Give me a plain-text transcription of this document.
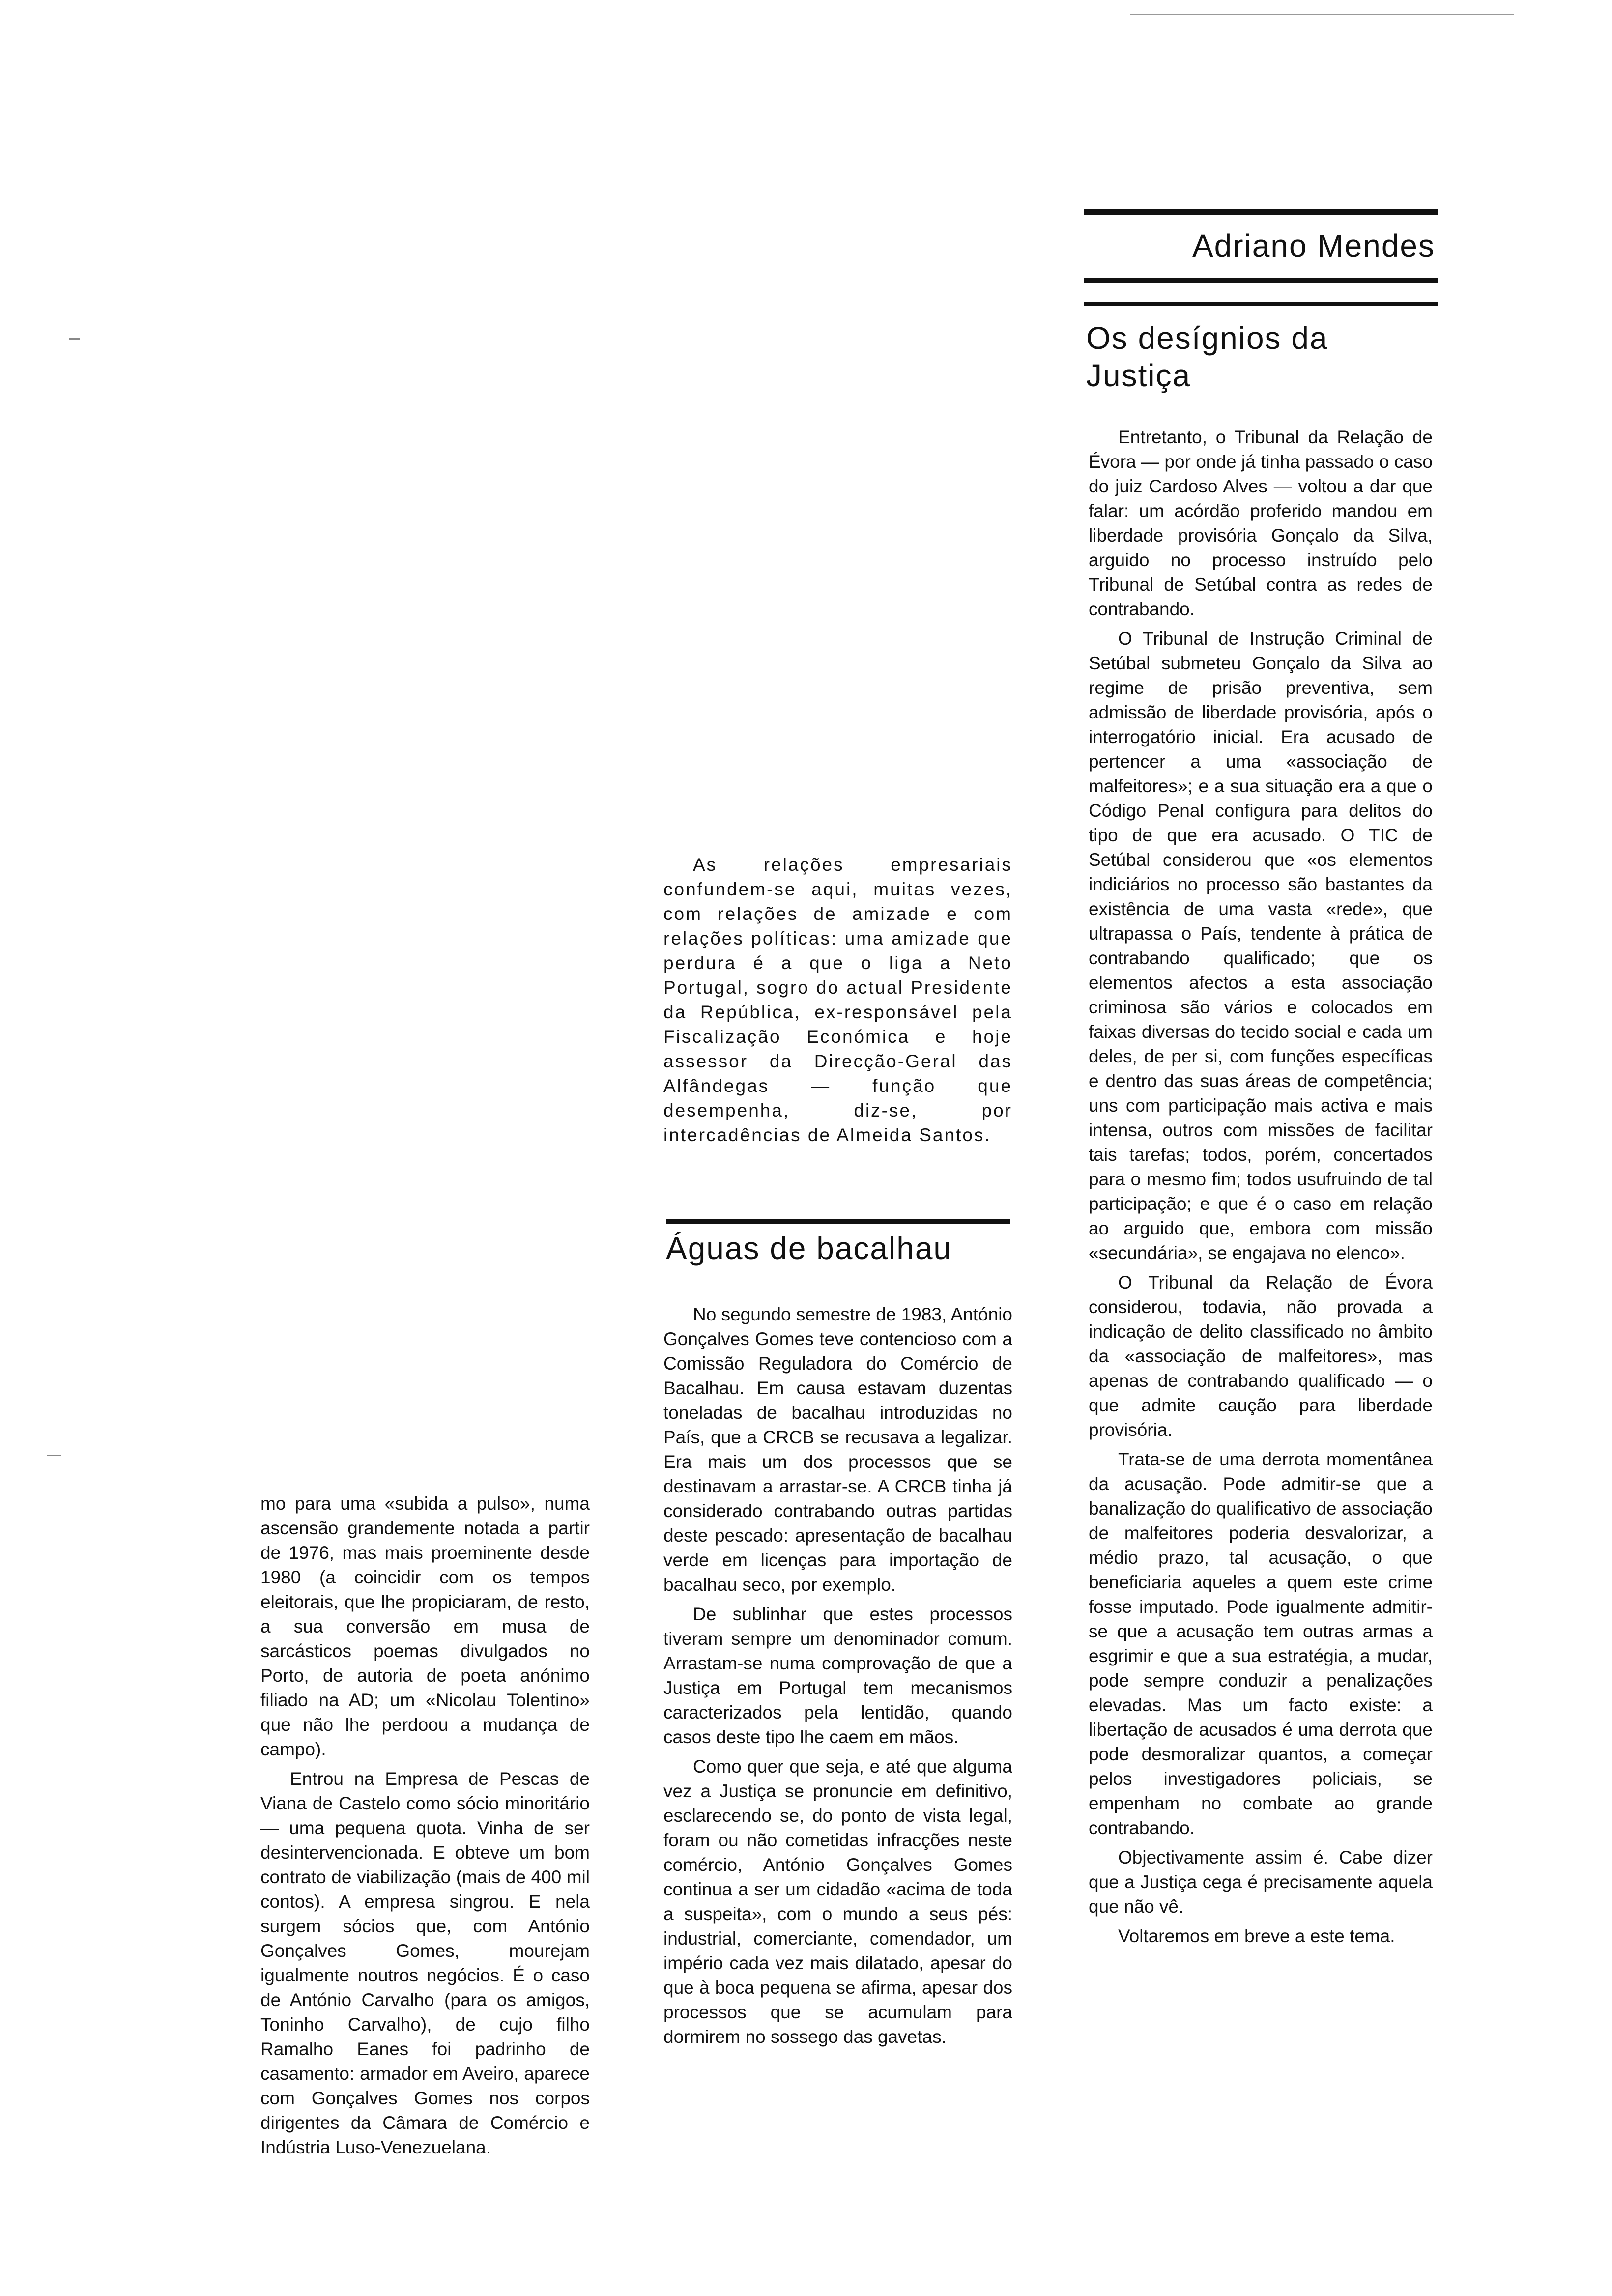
Adriano Mendes
Os desígnios da Justiça

mo para uma «subida a pulso», numa ascensão grandemente notada a partir de 1976, mas mais proeminente desde 1980 (a coincidir com os tempos eleitorais, que lhe propiciaram, de resto, a sua conversão em musa de sarcásticos poemas divulgados no Porto, de autoria de poeta anónimo filiado na AD; um «Nicolau Tolentino» que não lhe perdoou a mudança de campo).

Entrou na Empresa de Pescas de Viana de Castelo como sócio minoritário — uma pequena quota. Vinha de ser desintervencionada. E obteve um bom contrato de viabilização (mais de 400 mil contos). A empresa singrou. E nela surgem sócios que, com António Gonçalves Gomes, mourejam igualmente noutros negócios. É o caso de António Carvalho (para os amigos, Toninho Carvalho), de cujo filho Ramalho Eanes foi padrinho de casamento: armador em Aveiro, aparece com Gonçalves Gomes nos corpos dirigentes da Câmara de Comércio e Indústria Luso-Venezuelana.

As relações empresariais confundem-se aqui, muitas vezes, com relações de amizade e com relações políticas: uma amizade que perdura é a que o liga a Neto Portugal, sogro do actual Presidente da República, ex-responsável pela Fiscalização Económica e hoje assessor da Direcção-Geral das Alfândegas — função que desempenha, diz-se, por intercadências de Almeida Santos.

Águas de bacalhau

No segundo semestre de 1983, António Gonçalves Gomes teve contencioso com a Comissão Reguladora do Comércio de Bacalhau. Em causa estavam duzentas toneladas de bacalhau introduzidas no País, que a CRCB se recusava a legalizar. Era mais um dos processos que se destinavam a arrastar-se. A CRCB tinha já considerado contrabando outras partidas deste pescado: apresentação de bacalhau verde em licenças para importação de bacalhau seco, por exemplo.

De sublinhar que estes processos tiveram sempre um denominador comum. Arrastam-se numa comprovação de que a Justiça em Portugal tem mecanismos caracterizados pela lentidão, quando casos deste tipo lhe caem em mãos.

Como quer que seja, e até que alguma vez a Justiça se pronuncie em definitivo, esclarecendo se, do ponto de vista legal, foram ou não cometidas infracções neste comércio, António Gonçalves Gomes continua a ser um cidadão «acima de toda a suspeita», com o mundo a seus pés: industrial, comerciante, comendador, um império cada vez mais dilatado, apesar do que à boca pequena se afirma, apesar dos processos que se acumulam para dormirem no sossego das gavetas.

Entretanto, o Tribunal da Relação de Évora — por onde já tinha passado o caso do juiz Cardoso Alves — voltou a dar que falar: um acórdão proferido mandou em liberdade provisória Gonçalo da Silva, arguido no processo instruído pelo Tribunal de Setúbal contra as redes de contrabando.

O Tribunal de Instrução Criminal de Setúbal submeteu Gonçalo da Silva ao regime de prisão preventiva, sem admissão de liberdade provisória, após o interrogatório inicial. Era acusado de pertencer a uma «associação de malfeitores»; e a sua situação era a que o Código Penal configura para delitos do tipo de que era acusado. O TIC de Setúbal considerou que «os elementos indiciários no processo são bastantes da existência de uma vasta «rede», que ultrapassa o País, tendente à prática de contrabando qualificado; que os elementos afectos a esta associação criminosa são vários e colocados em faixas diversas do tecido social e cada um deles, de per si, com funções específicas e dentro das suas áreas de competência; uns com participação mais activa e mais intensa, outros com missões de facilitar tais tarefas; todos, porém, concertados para o mesmo fim; todos usufruindo de tal participação; e que é o caso em relação ao arguido que, embora com missão «secundária», se engajava no elenco».

O Tribunal da Relação de Évora considerou, todavia, não provada a indicação de delito classificado no âmbito da «associação de malfeitores», mas apenas de contrabando qualificado — o que admite caução para liberdade provisória.

Trata-se de uma derrota momentânea da acusação. Pode admitir-se que a banalização do qualificativo de associação de malfeitores poderia desvalorizar, a médio prazo, tal acusação, o que beneficiaria aqueles a quem este crime fosse imputado. Pode igualmente admitir-se que a acusação tem outras armas a esgrimir e que a sua estratégia, a mudar, pode sempre conduzir a penalizações elevadas. Mas um facto existe: a libertação de acusados é uma derrota que pode desmoralizar quantos, a começar pelos investigadores policiais, se empenham no combate ao grande contrabando.

Objectivamente assim é. Cabe dizer que a Justiça cega é precisamente aquela que não vê.

Voltaremos em breve a este tema.
